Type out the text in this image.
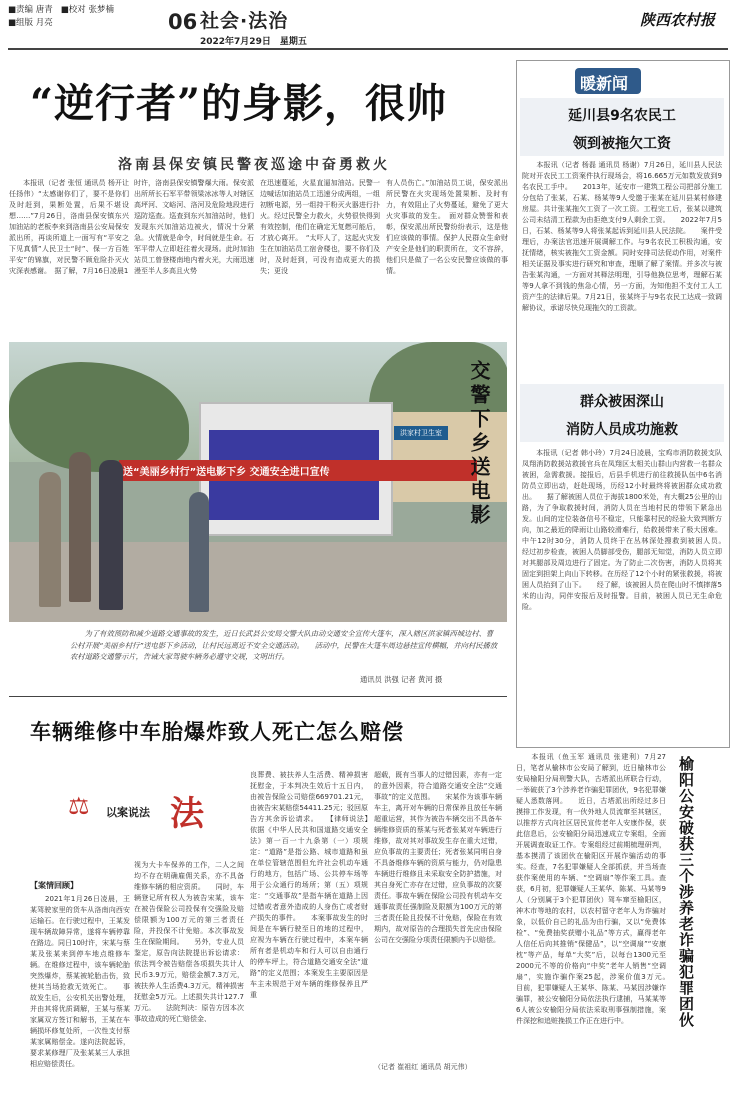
■责编 唐青 ■校对 张梦楠
■组版 月亮	06 社会·法治
2022年7月29日　星期五
陕西农村报
“逆行者”的身影，很帅
洛南县保安镇民警夜巡途中奋勇救火
　　本报讯（记者 张恒 通讯员 杨开让 任扬伟）“太感谢你们了，要不是你们及时赶到，果断处置，后果不堪设想……”7月26日，洛南县保安镇东兴加油站的老板李来到洛南县公安局保安派出所，再谈所道上一面写有“平安之下见真情”人民卫士“时”、保一方百姓平安”的锦旗，对民警不顾危险扑灭火灾深表感谢。　据了解，7月16日凌晨1
时许，洛南县保安镇警爆大雨。保安派出所所长石军平带领梁冰冰等人对辖区高坪河、文峪河、洛河及危险地段进行巡防巡查。巡查到东兴加油站时，他们发现东兴加油站边被火，情况十分紧急。火情就是命令，时间就是生命。石军平带人立即赶往着火现场。此时加油站员工曾登楼南地内着火光，大雨迅速漫至半人多高且火势
在迅速蔓延，火星直逼加油站。民警一边喊话加油站员工迅速分成两组，一组初断电源，另一组持干粉灭火器进行扑火。经过民警全力救火，火势很快得到有效控制，他们在确定无复燃可能后，才放心离开。　“太吓人了，这起火灾发生在加油站员工宿舍楼也，要不你们及时，及时赶到，可没有造成更大的损失；更没
有人员伤亡。”加油站员工说，保安派出所民警在火灾现场处置果断、及时有力，有效阻止了火势蔓延，避免了更大火灾事故的发生。　面对群众赞誉和表彰，保安派出所民警纷纷表示，这是他们应该做的事情。保护人民群众生命财产安全是他们的职责所在，文不容辞，他们只是做了一名公安民警应该做的事情。
洪家村卫生室
送“美丽乡村行”送电影下乡 交通安全进口宣传	交警下乡送电影
　　为了有效预防和减少道路交通事故的发生，近日长武县公安局交警大队由动交通安全宣传大篷车，深入辖区洪家镇西城边村、曹公村开展“美丽乡村行”送电影下乡活动，让村民远离近不安全交通活动。　　活动中，民警在大篷车周边悬挂宣传横幅，并向村民播放农村道路交通警示片，告诫大家驾驶车辆务必遵守交规，文明出行。
通讯员 洪强 记者 黄河 摄
暖新闻
延川县9名农民工
领到被拖欠工资
　　本报讯（记者 杨磊 通讯员 杨谢）7月26日，延川县人民法院对开农民工工资案件执行现场会，将16.665万元如数发放到9名农民工手中。　　2013年，延安市一建筑工程公司把部分施工分包给了张某，石某、杨某等9人受邀于张某在延川县某村修建房屋。共计张某拖欠工资了一次工资。工程完工后，张某以建筑公司未结清工程款为由拒绝支付9人剩余工资。　　2022年7月5日，石某、杨某等9人将张某起诉到延川县人民法院。　　案件受理后，办案法官迅速开展调解工作。与9名农民工积极沟通，安抚情绪，核实被拖欠工资金额。同时安排司法促动作用，对案件相关证据及事实进行研究和审查，理顺了解了案情。并多次与被告张某沟通，一方面对其释法明理，引导他换位思考，理解石某等9人拿不到钱的焦急心情，另一方面，为知他担不支付工人工资产生的法律后果。7月21日，张某终于与9名农民工达成一致调解协议，承诺尽快兑现拖欠的工资款。
群众被困深山
消防人员成功施救
　　本报讯（记者 韩小玲）7月24日凌晨，宝鸡市消防救援支队凤翔消防救援站救援官兵在凤翔区太相关山群山内营救一名群众被困，急需救援。接报后，后县手机进行前往救援队伍中6名消防员立即出动，赶赴现场，历经12小时最终将被困群众成功救出。　　据了解被困人员位于海拔1800米处，有大概25公里的山路，为了争取救援时间，消防人员在当地村民的带领下紧急出发。山间的定位装备信号不稳定，只能靠村民的经验大致判断方向，加之最近的降雨让山路较滑难行，给救援带来了极大困难。中午12时30分，消防人员终于在丛林深处搜救到被困人员。　　经过初步检查，被困人员脚部受伤，腿部无知觉，消防人员立即对其腿部及周边进行了固定。为了防止二次伤害，消防人员将其固定到担架上向山下转移。在历经了12个小时的紧张救援，将被困人员抬到了山下。　　经了解，该被困人员在爬山时不慎摔落5米的山沟，同伴安报后及时报警。目前，被困人员已无生命危险。
　　本报讯（鱼玉军 通讯员 张建利）7月27日，笔者从榆林市公安局了解到，近日榆林市公安局榆阳分局刑警大队，古塔派出所联合行动，一举破获了3个涉养老诈骗犯罪团伙，9名犯罪嫌疑人悉数落网。　　近日，古塔派出所经过多日摸排工作发现，有一伙外地人员流窜至其辖区，以推荐方式向社区居民宣传老年人安康作保，获此信息后，公安榆阳分局迅速成立专案组，全面开展调查取证工作。专案组经过前期梳理研判，基本摸清了该团伙在榆阳区开展诈骗活动的事实。经查，7名犯罪嫌疑人全部抓获，并当场查获作案使用的车辆、“空调扇”等作案工具。查获，6月初，犯罪嫌疑人王某华、陈某、马某等9人（分别属于3个犯罪团伙）驾车窜至榆阳区，神木市等地的农村，以农村留守老年人为诈骗对象，以低价自己的礼品为由行骗，又以“免费体检”、“免费抽奖获赠小礼品”等方式，赢得老年人信任后向其推销“保健品”，以“空调扇”“安康枕”等产品，每单“大奖”后，以每台1300元至2000元不等的价格向“中奖”老年人销售“空调扇”，实施诈骗作案25起，涉案价值3万元。　　目前，犯罪嫌疑人王某华、陈某、马某因涉嫌诈骗罪，被公安榆阳分局依法执行逮捕，马某某等6人被公安榆阳分局依法采取刑事强制措施，案件深挖和追赃挽损工作正在进行中。	榆阳公安破获三个涉养老诈骗犯罪团伙
车辆维修中车胎爆炸致人死亡怎么赔偿
⚖ 以案说法 法
【案情回顾】
　　2021年1月26日凌晨，王某驾驶家里的货车从洛南向西安运输石。在行驶过程中，王某发现车辆故障异常，遂将车辆停靠在路边。同日10时许，宋某与蔡某及张某来到停车地点维修车辆。在维修过程中，该车辆轮胎突然爆炸，蔡某被轮胎击伤，致使其当场抢救无效死亡。　　事故发生后，公安机关出警处理，并由其将优质调解，王某与蔡某家属双方签订和解书，王某在车辆损坏修复处所，一次性支付蔡某家属赔偿金。遂向法院起诉，要求某修理厂及张某某三人承担相应赔偿责任。
视为大卡车保养的工作，二人之间均不存在明确雇佣关系，亦不具备维修车辆的相应资质。　　同时，车辆登记所有权人为被告宋某，该车在被告保险公司投保有交强险及赔偿限额为100万元的第三者责任险，并投保不计免赔。本次事故发生在保险期间。　　另外，专业人员鉴定，原告向法院提出诉讼请求：依法判令被告赔偿各项损失共计人民币3.9万元，赔偿金额7.3万元，被扶养人生活费4.3万元，精神损害抚慰金5万元。上述损失共计127.7万元。　　法院判决：原告方因本次事故造成的死亡赔偿金、
良葬费、被扶养人生活费、精神损害抚慰金，于本判决生效后十五日内，由被告保险公司赔偿669701.21元，由被告宋某赔偿54411.25元；驳回原告方其余诉讼请求。　　【律师说法】　　依据《中华人民共和国道路交通安全法》第一百一十九条第（一）项规定：“道路”是指公路、城市道路和虽在单位管辖范围但允许社会机动车通行的地方，包括广场、公共停车场等用于公众通行的场所；第（五）项规定：“交通事故”是指车辆在道路上因过错或者意外造成的人身伤亡或者财产损失的事件。　　本案事故发生的时间是在车辆行驶至日的地的过程中，应视为车辆在行驶过程中，本案车辆所有者是机动车和行人可以自由通行的停车坪上，符合道路交通安全法“道路”的定义范围；本案发生主要原因是车主未规范于对车辆的维修保养且严重
超载，既有当事人的过错因素，亦有一定的意外因素，符合道路交通安全法“交通事故”的定义范围。　　宋某作为该事车辆车主，离开对车辆的日常保养且放任车辆超重运营，其作为被告车辆交出不具备车辆维修资质的蔡某与死者张某对车辆进行维修，故对其对事故发生存在重大过错，应负事故的主要责任；死者张某同明自身不具备维修车辆的资质与能力，仍对隐患车辆进行维修且未采取安全防护措施，对其自身死亡亦存在过错，应负事故的次要责任。事故车辆在保险公司投有机动车交通事故责任强制险及限额为100万元的第三者责任险且投保不计免赔，保险在有效期内，故对原告的合理损失首先应由保险公司在交强险分项责任限额内予以赔偿。
（记者 崔祖红 通讯员 胡元伟）
